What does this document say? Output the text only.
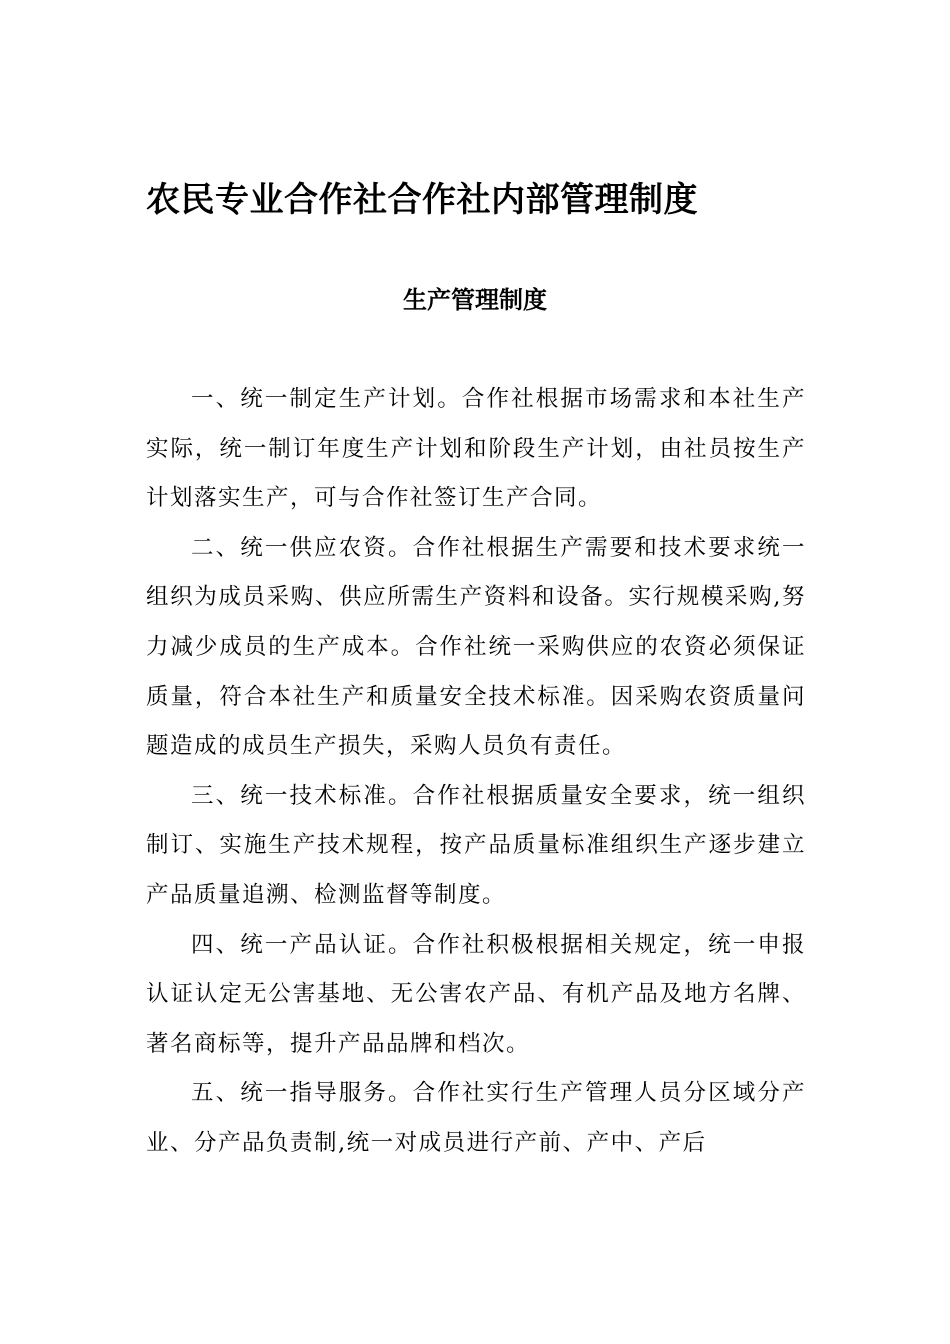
农民专业合作社合作社内部管理制度
生产管理制度

一、统一制定生产计划。合作社根据市场需求和本社生产实际，统一制订年度生产计划和阶段生产计划，由社员按生产计划落实生产，可与合作社签订生产合同。

二、统一供应农资。合作社根据生产需要和技术要求统一组织为成员采购、供应所需生产资料和设备。实行规模采购,努力减少成员的生产成本。合作社统一采购供应的农资必须保证质量，符合本社生产和质量安全技术标准。因采购农资质量问题造成的成员生产损失，采购人员负有责任。

三、统一技术标准。合作社根据质量安全要求，统一组织制订、实施生产技术规程，按产品质量标准组织生产逐步建立产品质量追溯、检测监督等制度。

四、统一产品认证。合作社积极根据相关规定，统一申报认证认定无公害基地、无公害农产品、有机产品及地方名牌、著名商标等，提升产品品牌和档次。

五、统一指导服务。合作社实行生产管理人员分区域分产业、分产品负责制,统一对成员进行产前、产中、产后
